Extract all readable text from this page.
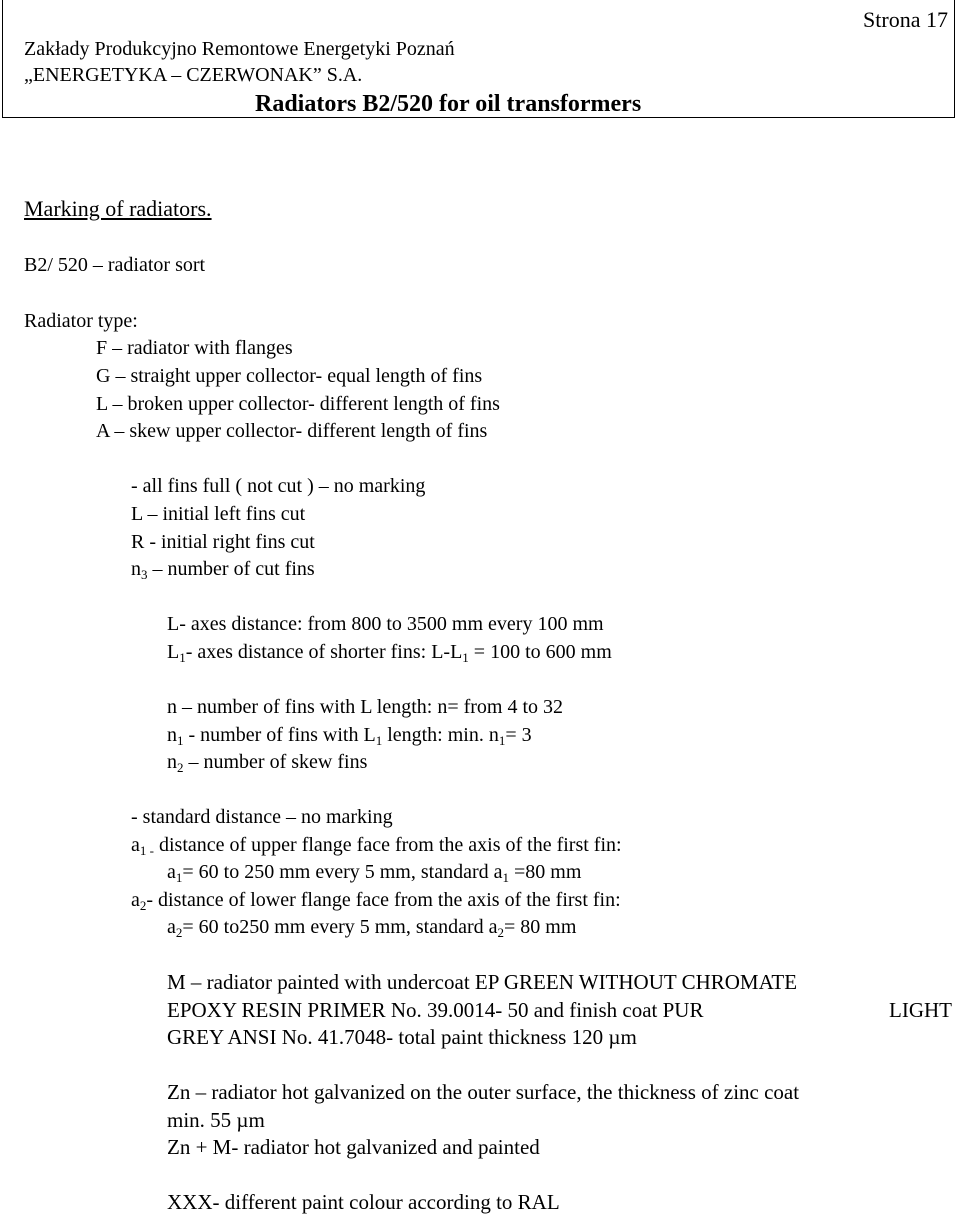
Strona 17
Zakłady Produkcyjno Remontowe Energetyki Poznań
„ENERGETYKA – CZERWONAK” S.A.
Radiators B2/520 for oil transformers
Marking of radiators.
B2/ 520 – radiator sort
Radiator type:
F – radiator with flanges
G – straight upper collector- equal length of fins
L – broken upper collector- different length of fins
A – skew upper collector- different length of fins
- all fins full ( not cut ) – no marking
L – initial left fins cut
R - initial right fins cut
$n_3$ – number of cut fins
L- axes distance: from 800 to 3500 mm every 100 mm
$L_1-$ axes distance of shorter fins: $L-L_1 = 100$ to 600 mm
n – number of fins with L length: n= from 4 to 32
$n_1$ - number of fins with $L_1$ length: min. $n_1= 3$
$n_2$ – number of skew fins
- standard distance – no marking
$a_{1 -}$ distance of upper flange face from the axis of the first fin:
$a_1= 60$ to 250 mm every 5 mm, standard $a_1 =80$ mm
$a_2-$ distance of lower flange face from the axis of the first fin:
$a_2= 60$ to250 mm every 5 mm, standard $a_2= 80$ mm
M – radiator painted with undercoat EP GREEN WITHOUT CHROMATE
EPOXY RESIN PRIMER No. 39.0014- 50 and finish coat PUR	LIGHT
GREY ANSI No. 41.7048- total paint thickness 120 µm
Zn – radiator hot galvanized on the outer surface, the thickness of zinc coat
min. 55 µm
Zn + M- radiator hot galvanized and painted
XXX- different paint colour according to RAL
